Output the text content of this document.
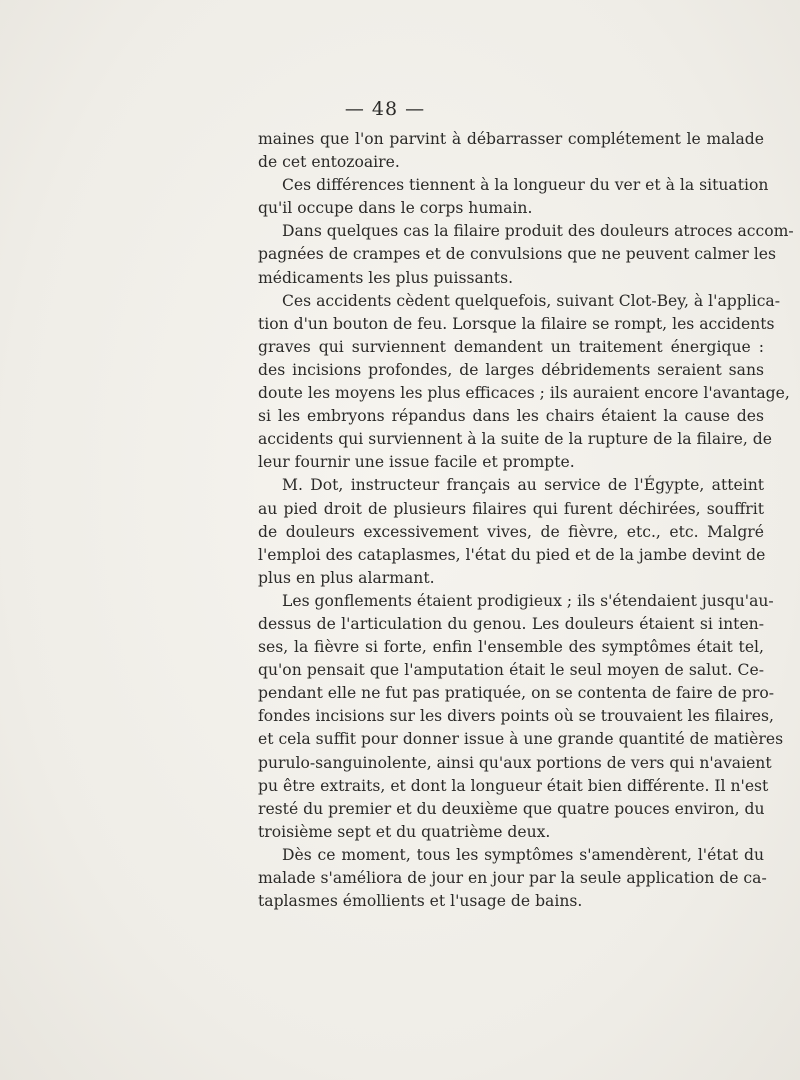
— 48 —

maines que l'on parvint à débarrasser complétement le malade
de cet entozoaire.

Ces différences tiennent à la longueur du ver et à la situation
qu'il occupe dans le corps humain.

Dans quelques cas la filaire produit des douleurs atroces accom-
pagnées de crampes et de convulsions que ne peuvent calmer les
médicaments les plus puissants.

Ces accidents cèdent quelquefois, suivant Clot-Bey, à l'applica-
tion d'un bouton de feu. Lorsque la filaire se rompt, les accidents
graves qui surviennent demandent un traitement énergique :
des incisions profondes, de larges débridements seraient sans
doute les moyens les plus efficaces ; ils auraient encore l'avantage,
si les embryons répandus dans les chairs étaient la cause des
accidents qui surviennent à la suite de la rupture de la filaire, de
leur fournir une issue facile et prompte.

M. Dot, instructeur français au service de l'Égypte, atteint
au pied droit de plusieurs filaires qui furent déchirées, souffrit
de douleurs excessivement vives, de fièvre, etc., etc. Malgré
l'emploi des cataplasmes, l'état du pied et de la jambe devint de
plus en plus alarmant.

Les gonflements étaient prodigieux ; ils s'étendaient jusqu'au-
dessus de l'articulation du genou. Les douleurs étaient si inten-
ses, la fièvre si forte, enfin l'ensemble des symptômes était tel,
qu'on pensait que l'amputation était le seul moyen de salut. Ce-
pendant elle ne fut pas pratiquée, on se contenta de faire de pro-
fondes incisions sur les divers points où se trouvaient les filaires,
et cela suffit pour donner issue à une grande quantité de matières
purulo-sanguinolente, ainsi qu'aux portions de vers qui n'avaient
pu être extraits, et dont la longueur était bien différente. Il n'est
resté du premier et du deuxième que quatre pouces environ, du
troisième sept et du quatrième deux.

Dès ce moment, tous les symptômes s'amendèrent, l'état du
malade s'améliora de jour en jour par la seule application de ca-
taplasmes émollients et l'usage de bains.
